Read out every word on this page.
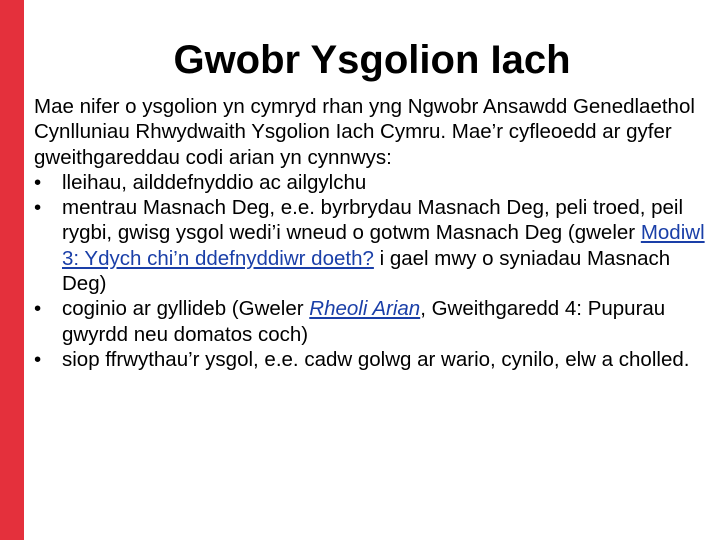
Gwobr Ysgolion Iach

Mae nifer o ysgolion yn cymryd rhan yng Ngwobr Ansawdd Genedlaethol Cynlluniau Rhwydwaith Ysgolion Iach Cymru. Mae’r cyfleoedd ar gyfer gweithgareddau codi arian yn cynnwys:

• lleihau, ailddefnyddio ac ailgylchu
• mentrau Masnach Deg, e.e. byrbrydau Masnach Deg, peli troed, peil rygbi, gwisg ysgol wedi’i wneud o gotwm Masnach Deg (gweler Modiwl 3: Ydych chi’n ddefnyddiwr doeth? i gael mwy o syniadau Masnach Deg)
• coginio ar gyllideb (Gweler Rheoli Arian, Gweithgaredd 4: Pupurau gwyrdd neu domatos coch)
• siop ffrwythau’r ysgol, e.e. cadw golwg ar wario, cynilo, elw a cholled.
